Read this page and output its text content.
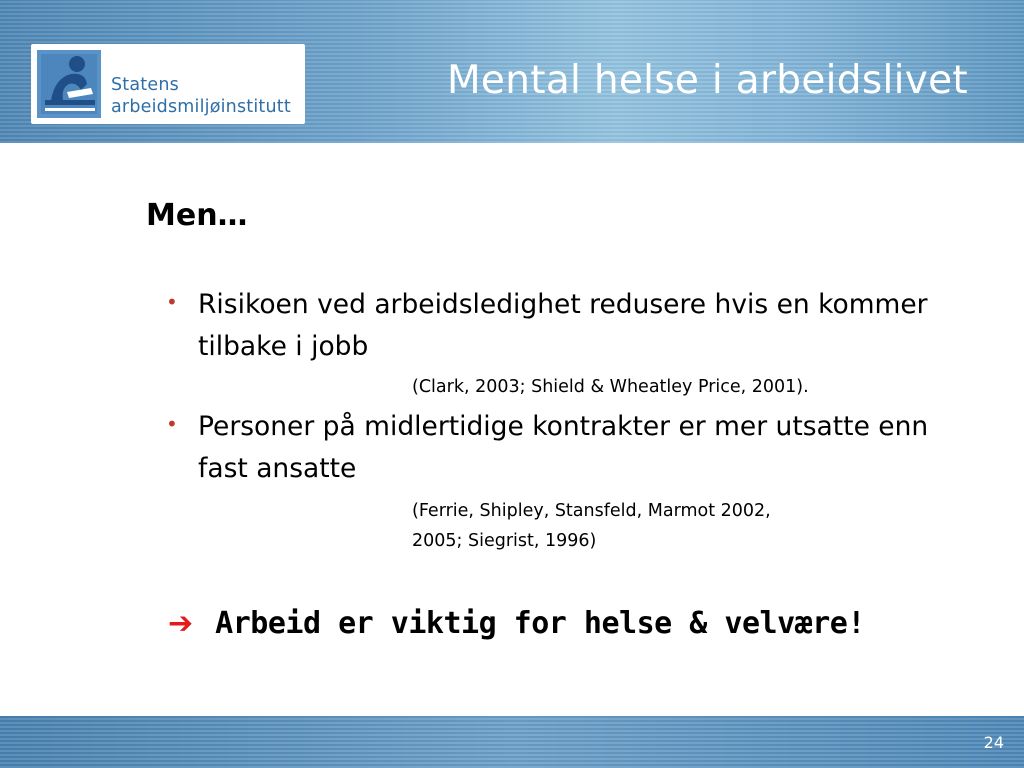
Statens
arbeidsmiljøinstitutt
Mental helse i arbeidslivet
Men…
• Risikoen ved arbeidsledighet redusere hvis en kommer tilbake i jobb
(Clark, 2003; Shield & Wheatley Price, 2001).
• Personer på midlertidige kontrakter er mer utsatte enn fast ansatte
(Ferrie, Shipley, Stansfeld, Marmot 2002,
2005; Siegrist, 1996)
➔ Arbeid er viktig for helse & velvære!
24
